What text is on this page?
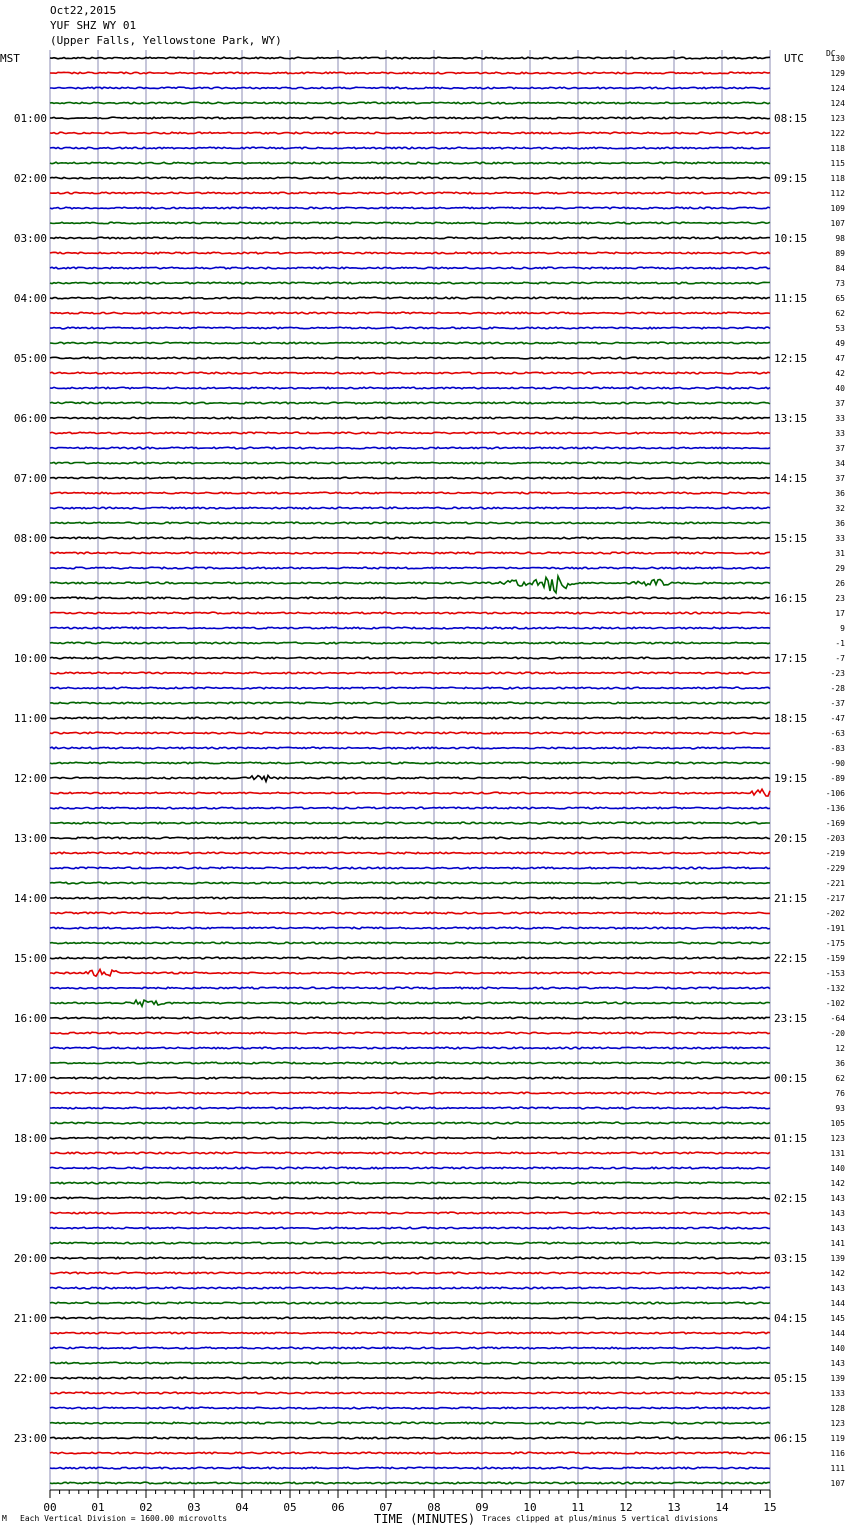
Oct22,2015
YUF SHZ WY 01
(Upper Falls, Yellowstone Park, WY)
130
129
124
124
123
122
118
115
118
112
109
107
98
89
84
73
65
62
53
49
47
42
40
37
33
33
37
34
37
36
32
36
33
31
29
26
23
17
9
-1
-7
-23
-28
-37
-47
-63
-83
-90
-89
-106
-136
-169
-203
-219
-229
-221
-217
-202
-191
-175
-159
-153
-132
-102
-64
-20
12
36
62
76
93
105
123
131
140
142
143
143
143
141
139
142
143
144
145
144
140
143
139
133
128
123
119
116
111
107
00	01	02	03	04	05	06	07	08	09	10	11	12	13	14	15
01:00
02:00
03:00
04:00
05:00
06:00
07:00
08:00
09:00
10:00
11:00
12:00
13:00
14:00
15:00
16:00
17:00
18:00
19:00
20:00
21:00
22:00
23:00
08:15
09:15
10:15
11:15
12:15
13:15
14:15
15:15
16:15
17:15
18:15
19:15
20:15
21:15
22:15
23:15
00:15
01:15
02:15
03:15
04:15
05:15
06:15
MST	UTC	DC
TIME (MINUTES)
M Each Vertical Division = 1600.00 microvolts	Traces clipped at plus/minus 5 vertical divisions
